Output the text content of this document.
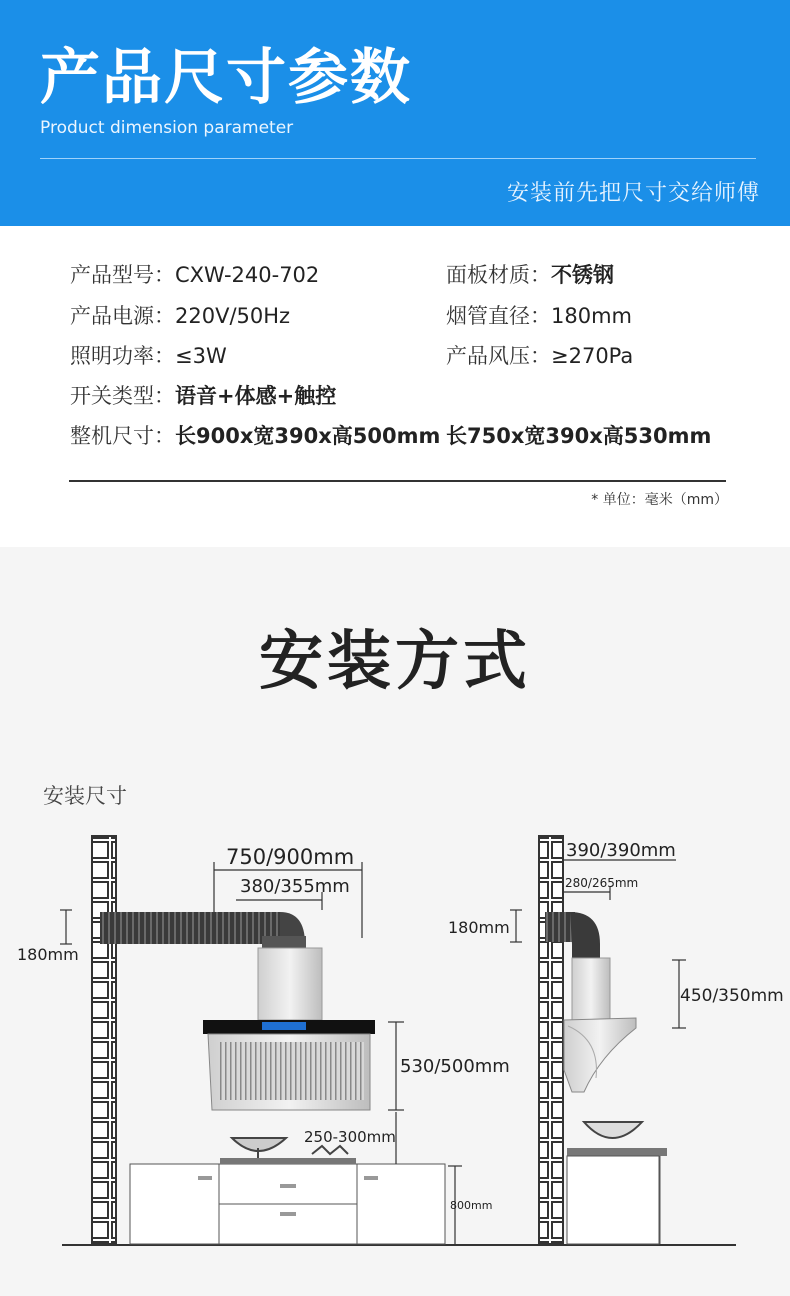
产品尺寸参数
Product dimension parameter
安装前先把尺寸交给师傅
产品型号：CXW-240-702	面板材质：不锈钢
产品电源：220V/50Hz	烟管直径：180mm
照明功率：≤3W	产品风压：≥270Pa
开关类型：语音+体感+触控
整机尺寸：长900x宽390x高500mm 长750x宽390x高530mm
* 单位：毫米（mm）
安装方式
安装尺寸
750/900mm
380/355mm
180mm
530/500mm
250-300mm
800mm
390/390mm
280/265mm
180mm
450/350mm
